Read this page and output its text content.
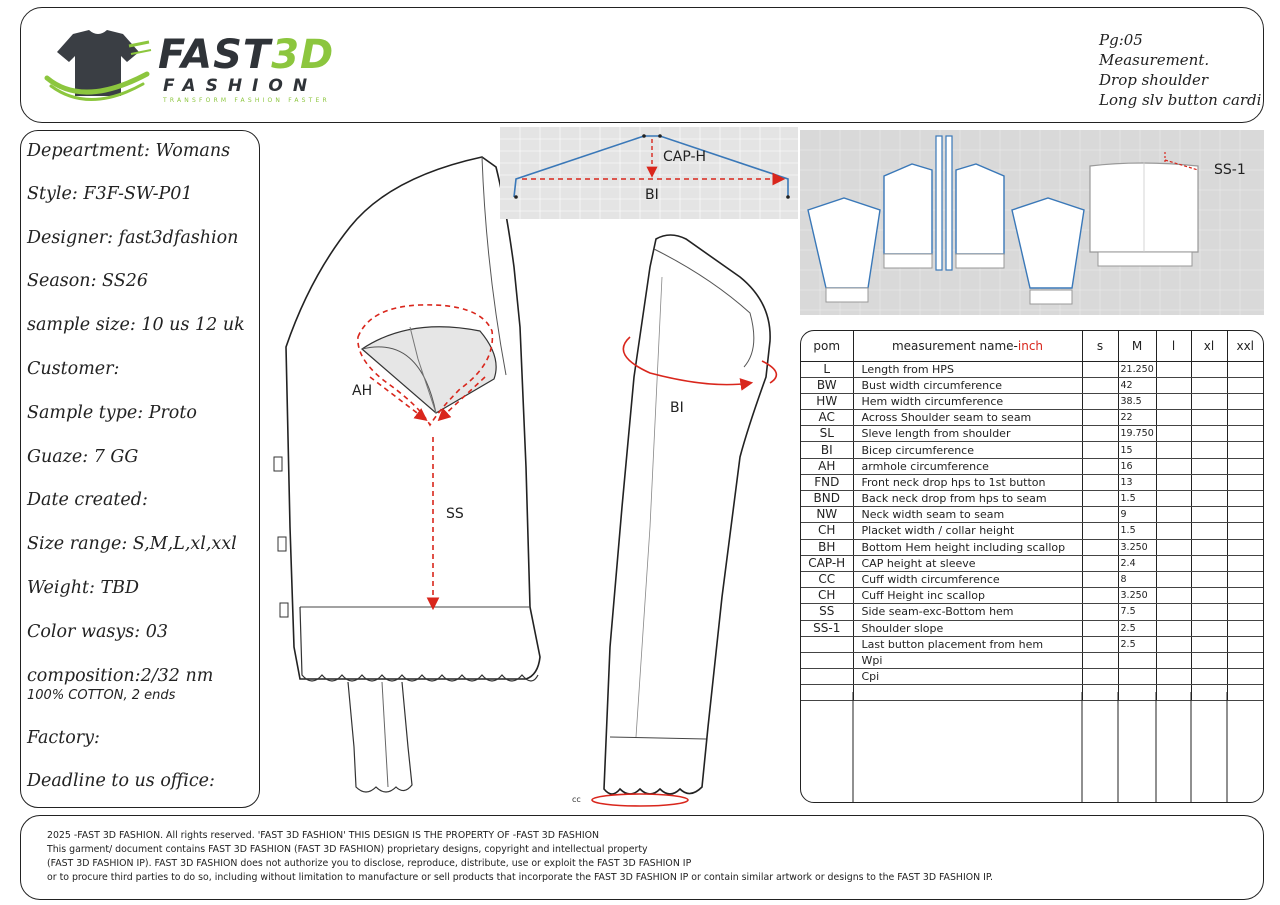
FAST3D
FASHION
TRANSFORM FASHION FASTER
Pg:05
Measurement.
Drop shoulder
Long slv button cardi
Depeartment: Womans
Style: F3F-SW-P01
Designer: fast3dfashion
Season: SS26
sample size: 10 us 12 uk
Customer:
Sample type: Proto
Guaze: 7 GG
Date created:
Size range: S,M,L,xl,xxl
Weight: TBD
Color wasys: 03
composition:2/32 nm
100% COTTON, 2 ends
Factory:
Deadline to us office:
AH
SS
BI
cc
CAP-H
BI
SS-1
pom	measurement name-inch	s	M	l	xl	xxl
L	Length from HPS		21.250			
BW	Bust width circumference		42			
HW	Hem width circumference		38.5			
AC	Across Shoulder seam to seam		22			
SL	Sleve length from shoulder		19.750			
BI	Bicep circumference		15			
AH	armhole circumference		16			
FND	Front neck drop hps to 1st button		13			
BND	Back neck drop from hps to seam		1.5			
NW	Neck width seam to seam		9			
CH	Placket width / collar height		1.5			
BH	Bottom Hem height including scallop		3.250			
CAP-H	CAP height at sleeve		2.4			
CC	Cuff width circumference		8			
CH	Cuff Height inc scallop		3.250			
SS	Side seam-exc-Bottom hem		7.5			
SS-1	Shoulder slope		2.5			
	Last button placement from hem		2.5			
	Wpi					
	Cpi					

2025 -FAST 3D FASHION. All rights reserved. 'FAST 3D FASHION' THIS DESIGN IS THE PROPERTY OF -FAST 3D FASHION
This garment/ document contains FAST 3D FASHION (FAST 3D FASHION) proprietary designs, copyright and intellectual property
(FAST 3D FASHION IP). FAST 3D FASHION does not authorize you to disclose, reproduce, distribute, use or exploit the FAST 3D FASHION IP
or to procure third parties to do so, including without limitation to manufacture or sell products that incorporate the FAST 3D FASHION IP or contain similar artwork or designs to the FAST 3D FASHION IP.
